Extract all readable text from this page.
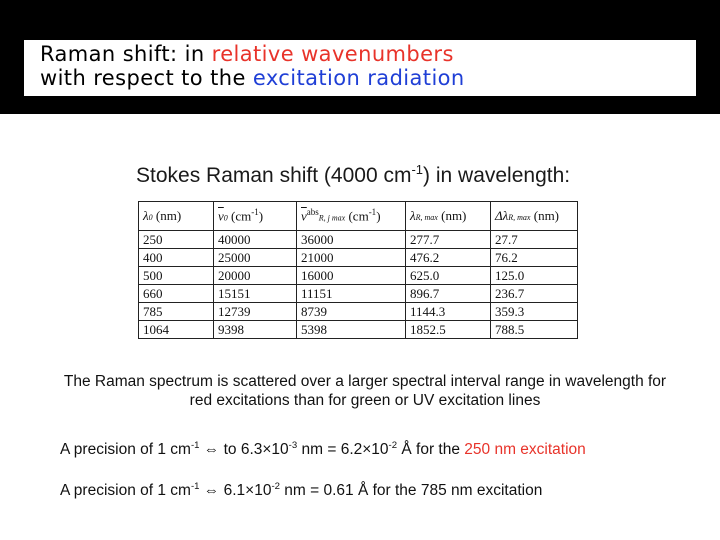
Raman shift: in relative wavenumbers
with respect to the excitation radiation
Stokes Raman shift (4000 $cm^{-1}$) in wavelength:
λ0 (nm)	$\overline{\nu}0$ $(cm^{-1})$	$\overline{\nu}^{abs}R$, j $\max (cm^{-1})$	λR, max (nm)	ΔλR, max (nm)
250	40000	36000	277.7	27.7
400	25000	21000	476.2	76.2
500	20000	16000	625.0	125.0
660	15151	11151	896.7	236.7
785	12739	8739	1144.3	359.3
1064	9398	5398	1852.5	788.5
The Raman spectrum is scattered over a larger spectral interval range in wavelength for red excitations than for green or UV excitation lines
A precision of 1 $cm^{-1}$ ⇔ to $6.3\times 10^{-3}$ nm = $6.2\times 10^{-2}$ Å for the 250 nm excitation
A precision of 1 $cm^{-1}$ ⇔ $6.1\times 10^{-2}$ nm = 0.61 Å for the 785 nm excitation
